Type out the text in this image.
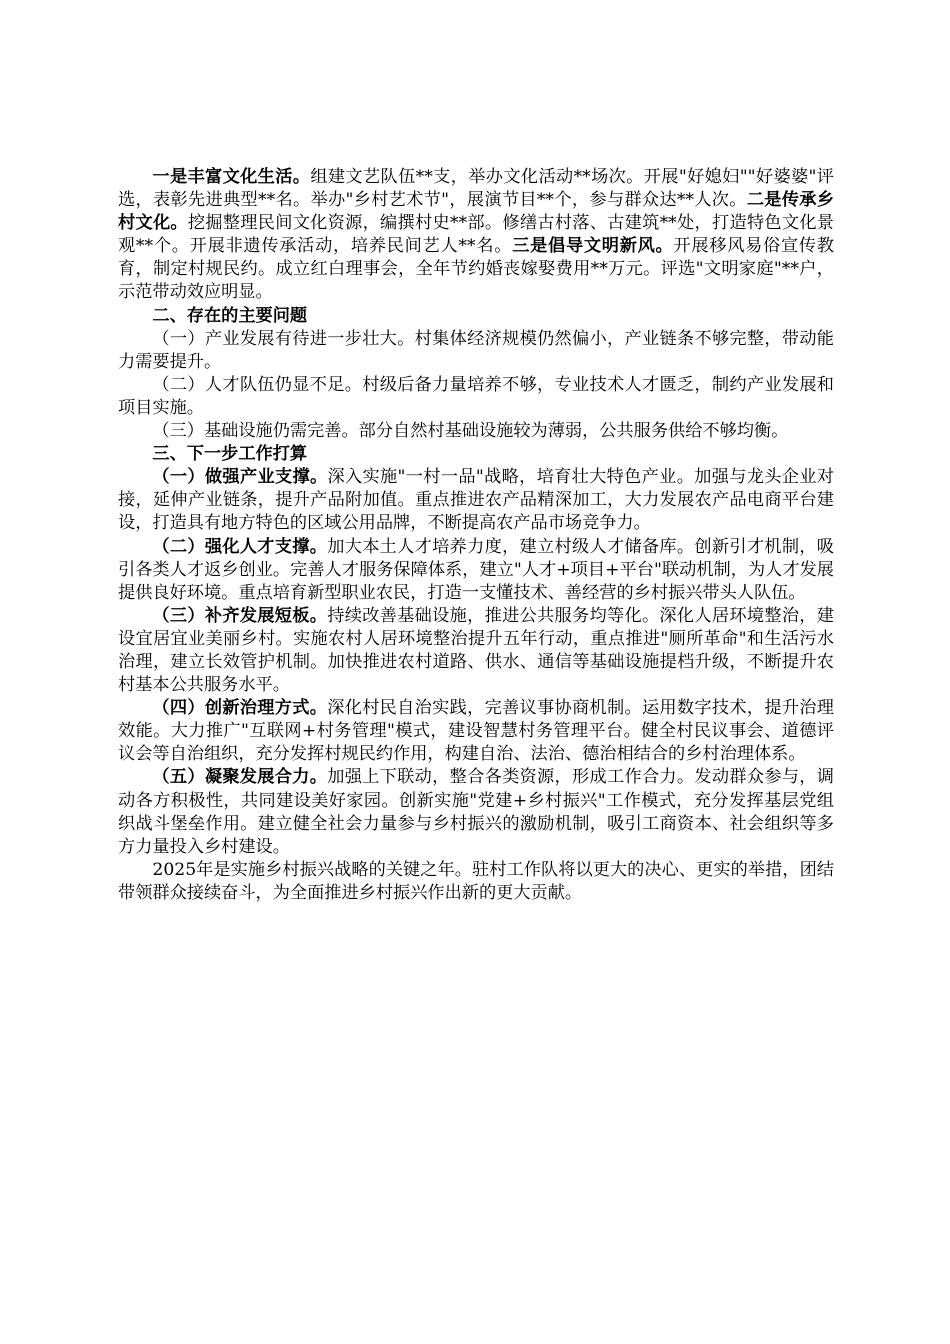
一是丰富文化生活。组建文艺队伍**支，举办文化活动**场次。开展"好媳妇""好婆婆"评选，表彰先进典型**名。举办"乡村艺术节"，展演节目**个，参与群众达**人次。二是传承乡村文化。挖掘整理民间文化资源，编撰村史**部。修缮古村落、古建筑**处，打造特色文化景观**个。开展非遗传承活动，培养民间艺人**名。三是倡导文明新风。开展移风易俗宣传教育，制定村规民约。成立红白理事会，全年节约婚丧嫁娶费用**万元。评选"文明家庭"**户，示范带动效应明显。

二、存在的主要问题

（一）产业发展有待进一步壮大。村集体经济规模仍然偏小，产业链条不够完整，带动能力需要提升。

（二）人才队伍仍显不足。村级后备力量培养不够，专业技术人才匮乏，制约产业发展和项目实施。

（三）基础设施仍需完善。部分自然村基础设施较为薄弱，公共服务供给不够均衡。

三、下一步工作打算

（一）做强产业支撑。深入实施"一村一品"战略，培育壮大特色产业。加强与龙头企业对接，延伸产业链条，提升产品附加值。重点推进农产品精深加工，大力发展农产品电商平台建设，打造具有地方特色的区域公用品牌，不断提高农产品市场竞争力。

（二）强化人才支撑。加大本土人才培养力度，建立村级人才储备库。创新引才机制，吸引各类人才返乡创业。完善人才服务保障体系，建立"人才+项目+平台"联动机制，为人才发展提供良好环境。重点培育新型职业农民，打造一支懂技术、善经营的乡村振兴带头人队伍。

（三）补齐发展短板。持续改善基础设施，推进公共服务均等化。深化人居环境整治，建设宜居宜业美丽乡村。实施农村人居环境整治提升五年行动，重点推进"厕所革命"和生活污水治理，建立长效管护机制。加快推进农村道路、供水、通信等基础设施提档升级，不断提升农村基本公共服务水平。

（四）创新治理方式。深化村民自治实践，完善议事协商机制。运用数字技术，提升治理效能。大力推广"互联网+村务管理"模式，建设智慧村务管理平台。健全村民议事会、道德评议会等自治组织，充分发挥村规民约作用，构建自治、法治、德治相结合的乡村治理体系。

（五）凝聚发展合力。加强上下联动，整合各类资源，形成工作合力。发动群众参与，调动各方积极性，共同建设美好家园。创新实施"党建+乡村振兴"工作模式，充分发挥基层党组织战斗堡垒作用。建立健全社会力量参与乡村振兴的激励机制，吸引工商资本、社会组织等多方力量投入乡村建设。

2025年是实施乡村振兴战略的关键之年。驻村工作队将以更大的决心、更实的举措，团结带领群众接续奋斗，为全面推进乡村振兴作出新的更大贡献。
